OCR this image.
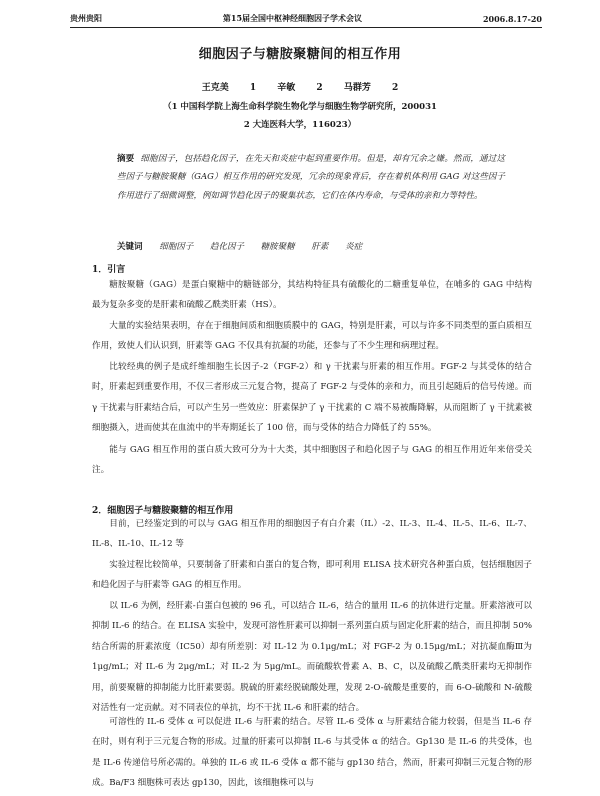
贵州贵阳	第15届全国中枢神经细胞因子学术会议	2006.8.17-20
细胞因子与糖胺聚糖间的相互作用
王克美 1 辛敏 2 马群芳 2
（1 中国科学院上海生命科学院生物化学与细胞生物学研究所，200031
2 大连医科大学，116023）
摘要 细胞因子，包括趋化因子，在先天和炎症中起到重要作用。但是，却有冗余之嫌。然而，通过这些因子与糖胺聚糖（GAG）相互作用的研究发现，冗余的现象背后，存在着机体利用 GAG 对这些因子作用进行了细微调整，例如调节趋化因子的聚集状态，它们在体内寿命，与受体的亲和力等特性。
关键词 细胞因子 趋化因子 糖胺聚糖 肝素 炎症
1．引言
糖胺聚糖（GAG）是蛋白聚糖中的糖链部分，其结构特征具有硫酸化的二糖重复单位，在哺多的 GAG 中结构最为复杂多变的是肝素和硫酸乙酰类肝素（HS）。
大量的实验结果表明，存在于细胞间质和细胞质膜中的 GAG，特别是肝素，可以与许多不同类型的蛋白质相互作用，致使人们认识到，肝素等 GAG 不仅具有抗凝的功能，还参与了不少生理和病理过程。
比较经典的例子是成纤维细胞生长因子-2（FGF-2）和 γ 干扰素与肝素的相互作用。FGF-2 与其受体的结合时，肝素起到重要作用，不仅三者形成三元复合物，提高了 FGF-2 与受体的亲和力，而且引起随后的信号传递。而 γ 干扰素与肝素结合后，可以产生另一些效应：肝素保护了 γ 干扰素的 C 端不易被酶降解，从而阻断了 γ 干扰素被细胞摄入，进而使其在血流中的半寿期延长了 100 倍，而与受体的结合力降低了约 55%。
能与 GAG 相互作用的蛋白质大致可分为十大类，其中细胞因子和趋化因子与 GAG 的相互作用近年来倍受关注。
2．细胞因子与糖胺聚糖的相互作用
目前，已经鉴定到的可以与 GAG 相互作用的细胞因子有白介素（IL）-2、IL-3、IL-4、IL-5、IL-6、IL-7、IL-8、IL-10、IL-12 等
实验过程比较简单，只要制备了肝素和白蛋白的复合物，即可利用 ELISA 技术研究各种蛋白质，包括细胞因子和趋化因子与肝素等 GAG 的相互作用。
以 IL-6 为例，经肝素-白蛋白包被的 96 孔，可以结合 IL-6，结合的量用 IL-6 的抗体进行定量。肝素溶液可以抑制 IL-6 的结合。在 ELISA 实验中，发现可溶性肝素可以抑制一系列蛋白质与固定化肝素的结合，而且抑制 50%结合所需的肝素浓度（IC50）却有所差别：对 IL-12 为 0.1μg/mL；对 FGF-2 为 0.15μg/mL；对抗凝血酶Ⅲ为 1μg/mL；对 IL-6 为 2μg/mL；对 IL-2 为 5μg/mL。而硫酸软骨素 A、B、C，以及硫酸乙酰类肝素均无抑制作用，前要聚糖的抑制能力比肝素要弱。脱硫的肝素经脱硫酸处理，发现 2-O-硫酸是重要的，而 6-O-硫酸和 N-硫酸对活性有一定贡献。对不同表位的单抗，均不干扰 IL-6 和肝素的结合。
可溶性的 IL-6 受体 α 可以促进 IL-6 与肝素的结合。尽管 IL-6 受体 α 与肝素结合能力较弱，但是当 IL-6 存在时，则有利于三元复合物的形成。过量的肝素可以抑制 IL-6 与其受体 α 的结合。Gp130 是 IL-6 的共受体，也是 IL-6 传递信号所必需的。单独的 IL-6 或 IL-6 受体 α 都不能与 gp130 结合，然而，肝素可抑制三元复合物的形成。Ba/F3 细胞株可表达 gp130，因此，该细胞株可以与
